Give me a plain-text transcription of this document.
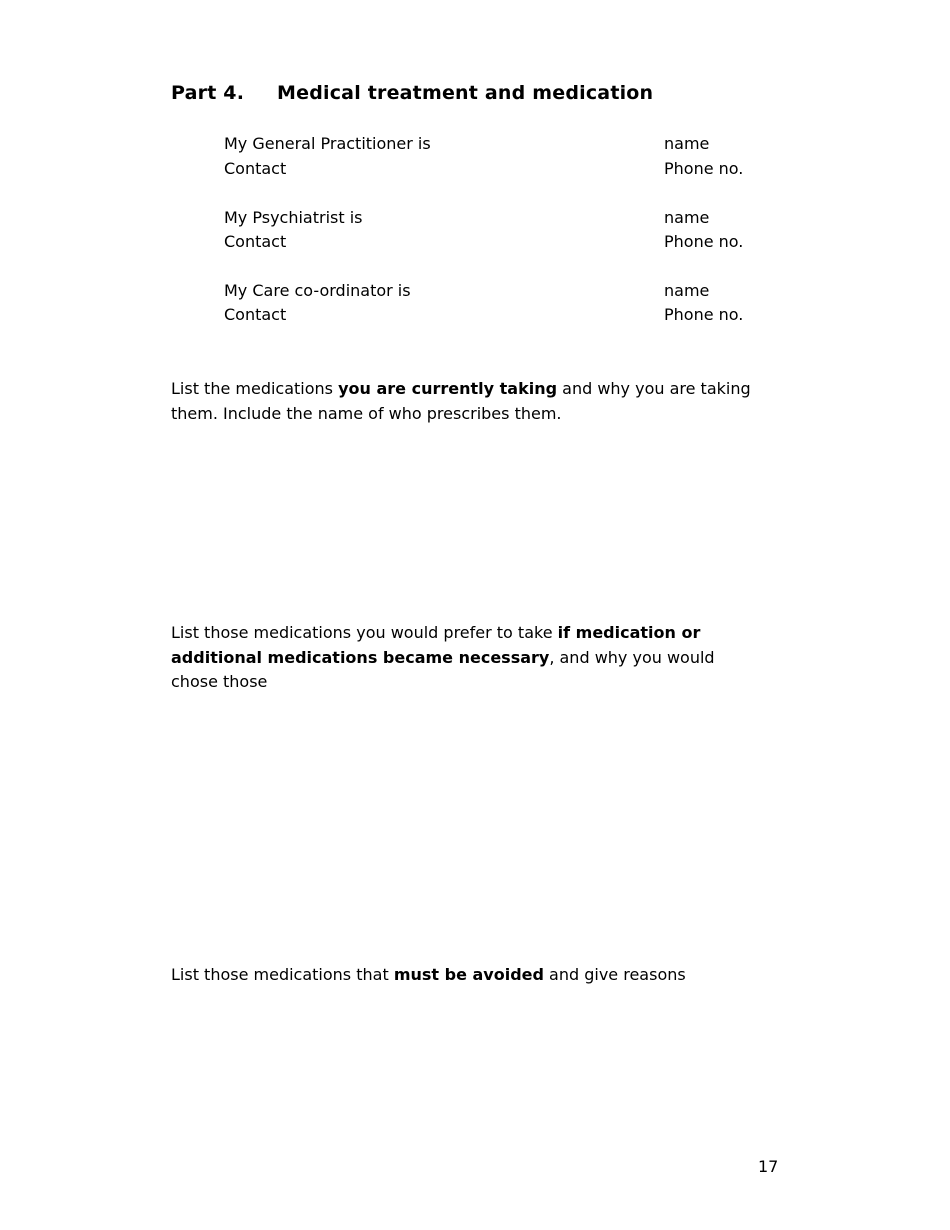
Part 4. Medical treatment and medication
My General Practitioner is	name
Contact	Phone no.
My Psychiatrist is	name
Contact	Phone no.
My Care co-ordinator is	name
Contact	Phone no.
List the medications you are currently taking and why you are taking them. Include the name of who prescribes them.
List those medications you would prefer to take if medication or additional medications became necessary, and why you would chose those
List those medications that must be avoided and give reasons
17
